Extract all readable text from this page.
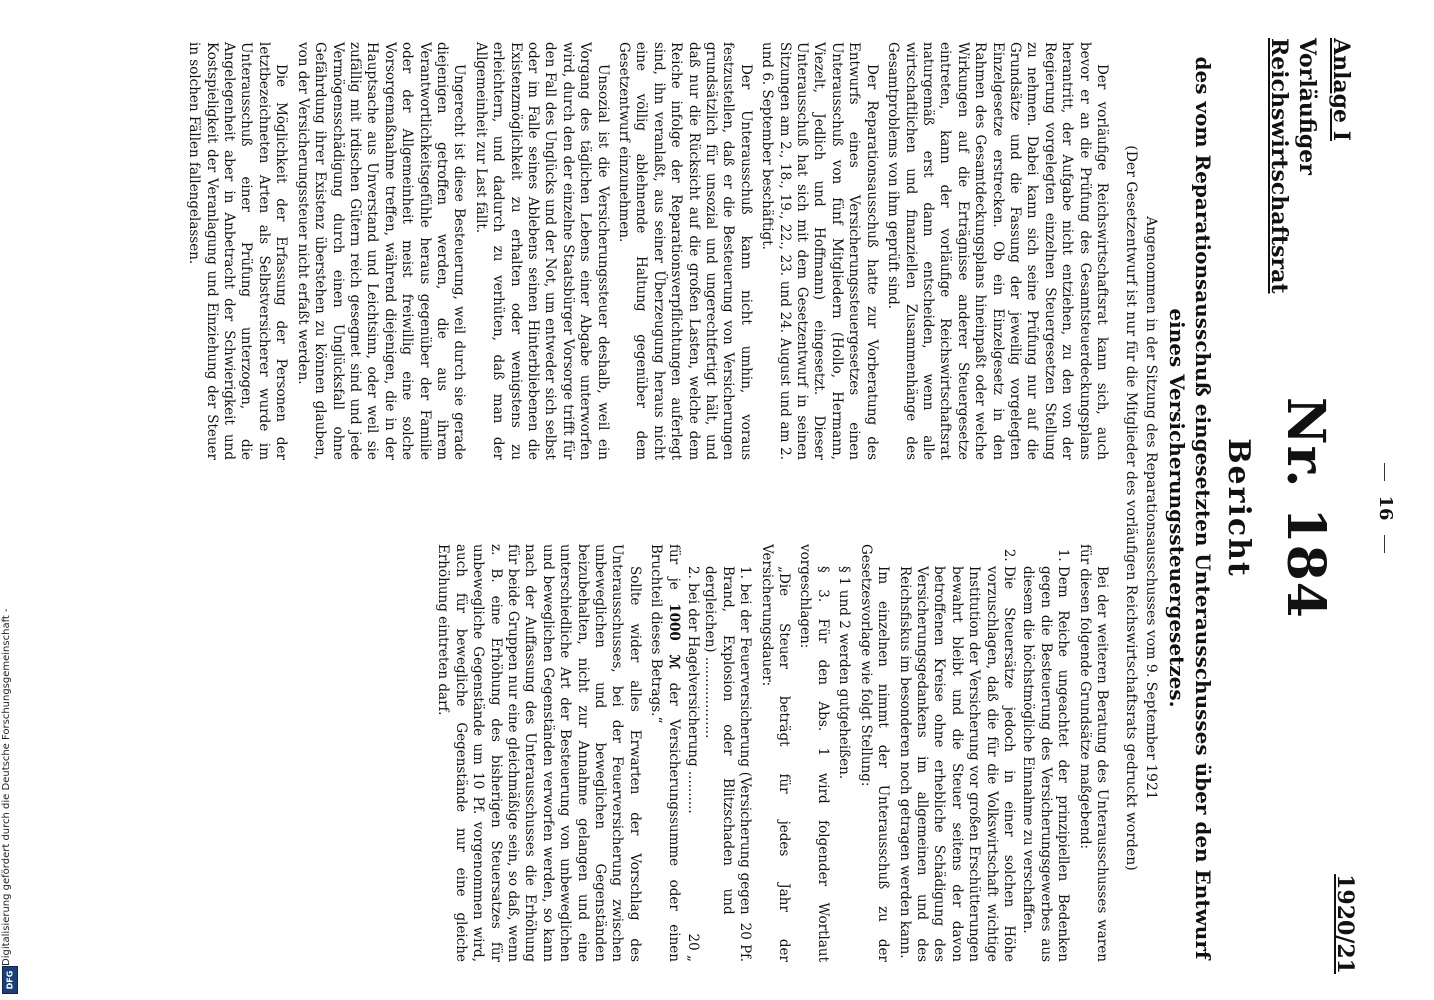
Digitalisierung gefördert durch die Deutsche Forschungsgemeinschaft -
DFG
16
Anlage I
1920/21
Vorläufiger
Reichswirtschaftsrat
Nr. 184
Bericht
des vom Reparationsausschuß eingesetzten Unterausschusses über den Entwurf eines Versicherungssteuergesetzes.
Angenommen in der Sitzung des Reparationsausschusses vom 9. September 1921
(Der Gesetzentwurf ist nur für die Mitglieder des vorläufigen Reichswirtschaftsrats gedruckt worden)

Der vorläufige Reichswirtschaftsrat kann sich, auch bevor er an die Prüfung des Gesamtsteuerdeckungsplans herantritt, der Aufgabe nicht entziehen, zu den von der Regierung vorgelegten einzelnen Steuergesetzen Stellung zu nehmen. Dabei kann sich seine Prüfung nur auf die Grundsätze und die Fassung der jeweilig vorgelegten Einzelgesetze erstrecken. Ob ein Einzelgesetz in den Rahmen des Gesamtdeckungsplans hineinpaßt oder welche Wirkungen auf die Erträgnisse anderer Steuergesetze eintreten, kann der vorläufige Reichswirtschaftsrat naturgemäß erst dann entscheiden, wenn alle wirtschaftlichen und finanziellen Zusammenhänge des Gesamtproblems von ihm geprüft sind.

Der Reparationsausschuß hatte zur Vorberatung des Entwurfs eines Versicherungssteuergesetzes einen Unterausschuß von fünf Mitgliedern (Hollo, Hermann, Viezelt, Jedlich und Hoffmann) eingesetzt. Dieser Unterausschuß hat sich mit dem Gesetzentwurf in seinen Sitzungen am 2., 18., 19., 22., 23. und 24. August und am 2. und 6. September beschäftigt.

Der Unterausschuß kann nicht umhin, voraus festzustellen, daß er die Besteuerung von Versicherungen grundsätzlich für unsozial und ungerechtfertigt hält, und daß nur die Rücksicht auf die großen Lasten, welche dem Reiche infolge der Reparationsverpflichtungen auferlegt sind, ihn veranlaßt, aus seiner Überzeugung heraus nicht eine völlig ablehnende Haltung gegenüber dem Gesetzentwurf einzunehmen.

Unsozial ist die Versicherungssteuer deshalb, weil ein Vorgang des täglichen Lebens einer Abgabe unterworfen wird, durch den der einzelne Staatsbürger Vorsorge trifft für den Fall des Unglücks und der Not, um entweder sich selbst oder im Falle seines Ablebens seinen Hinterbliebenen die Existenzmöglichkeit zu erhalten oder wenigstens zu erleichtern, und dadurch zu verhüten, daß man der Allgemeinheit zur Last fällt.

Ungerecht ist diese Besteuerung, weil durch sie gerade diejenigen getroffen werden, die aus ihrem Verantwortlichkeitsgefühle heraus gegenüber der Familie oder der Allgemeinheit meist freiwillig eine solche Vorsorgemaßnahme treffen, während diejenigen, die in der Hauptsache aus Unverstand und Leichtsinn, oder weil sie zufällig mit irdischen Gütern reich gesegnet sind und jede Vermögensschädigung durch einen Unglücksfall ohne Gefährdung ihrer Existenz überstehen zu können glauben, von der Versicherungssteuer nicht erfaßt werden.

Die Möglichkeit der Erfassung der Personen der letztbezeichneten Arten als Selbstversicherer wurde im Unterausschuß einer Prüfung unterzogen, die Angelegenheit aber in Anbetracht der Schwierigkeit und Kostspieligkeit der Veranlagung und Einziehung der Steuer in solchen Fällen fallengelassen.

Bei der weiteren Beratung des Unterausschusses waren für diesen folgende Grundsätze maßgebend:

1. Dem Reiche ungeachtet der prinzipiellen Bedenken gegen die Besteuerung des Versicherungsgewerbes aus diesem die höchstmögliche Einnahme zu verschaffen.
2. Die Steuersätze jedoch in einer solchen Höhe vorzuschlagen, daß die für die Volkswirtschaft wichtige Institution der Versicherung vor großen Erschütterungen bewahrt bleibt und die Steuer seitens der davon betroffenen Kreise ohne erhebliche Schädigung des Versicherungsgedankens im allgemeinen und des Reichsfiskus im besonderen noch getragen werden kann.

Im einzelnen nimmt der Unterausschuß zu der Gesetzesvorlage wie folgt Stellung:

§ 1 und 2 werden gutgeheißen.

§ 3. Für den Abs. 1 wird folgender Wortlaut vorgeschlagen:

„Die Steuer beträgt für jedes Jahr der Versicherungsdauer:

1. bei der Feuerversicherung (Versicherung gegen Brand, Explosion oder Blitzschaden und dergleichen) ...................
20 Pf.
2. bei der Hagelversicherung ..........
20 „

für je 1000 ℳ der Versicherungssumme oder einen Bruchteil dieses Betrags.“

Sollte wider alles Erwarten der Vorschlag des Unterausschusses, bei der Feuerversicherung zwischen unbeweglichen und beweglichen Gegenständen beizubehalten, nicht zur Annahme gelangen und eine unterschiedliche Art der Besteuerung von unbeweglichen und beweglichen Gegenständen verworfen werden, so kann nach der Auffassung des Unterausschusses die Erhöhung für beide Gruppen nur eine gleichmäßige sein, so daß, wenn z. B. eine Erhöhung des bisherigen Steuersatzes für unbewegliche Gegenstände um 10 Pf. vorgenommen wird, auch für bewegliche Gegenstände nur eine gleiche Erhöhung eintreten darf.
